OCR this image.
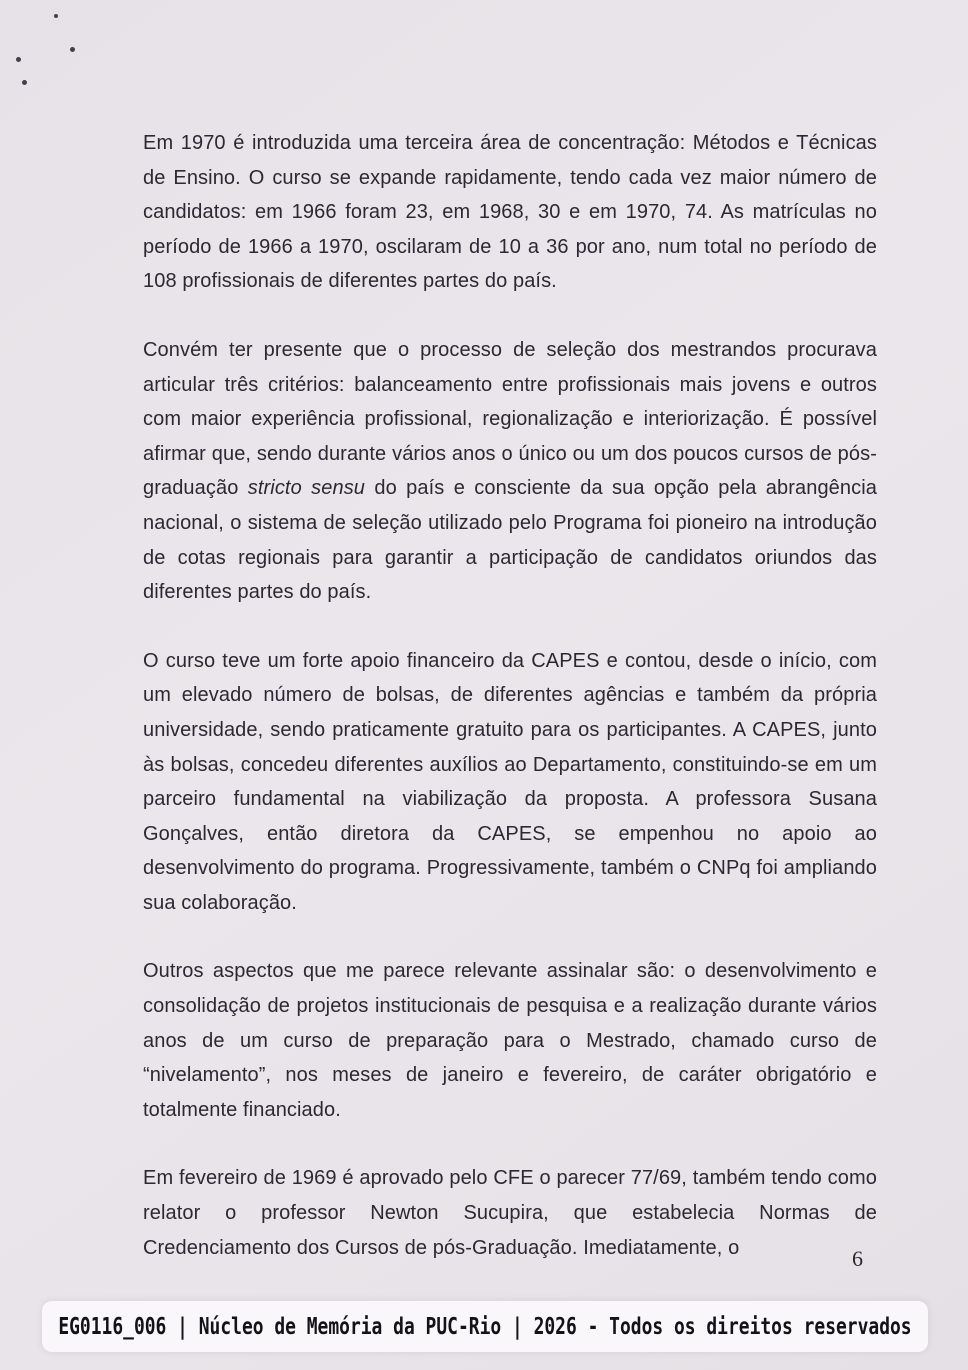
Em 1970 é introduzida uma terceira área de concentração: Métodos e Técnicas de Ensino. O curso se expande rapidamente, tendo cada vez maior número de candidatos: em 1966 foram 23, em 1968, 30 e em 1970, 74. As matrículas no período de 1966 a 1970, oscilaram de 10 a 36 por ano, num total no período de 108 profissionais de diferentes partes do país.

Convém ter presente que o processo de seleção dos mestrandos procurava articular três critérios: balanceamento entre profissionais mais jovens e outros com maior experiência profissional, regionalização e interiorização. É possível afirmar que, sendo durante vários anos o único ou um dos poucos cursos de pós-graduação stricto sensu do país e consciente da sua opção pela abrangência nacional, o sistema de seleção utilizado pelo Programa foi pioneiro na introdução de cotas regionais para garantir a participação de candidatos oriundos das diferentes partes do país.

O curso teve um forte apoio financeiro da CAPES e contou, desde o início, com um elevado número de bolsas, de diferentes agências e também da própria universidade, sendo praticamente gratuito para os participantes. A CAPES, junto às bolsas, concedeu diferentes auxílios ao Departamento, constituindo-se em um parceiro fundamental na viabilização da proposta. A professora Susana Gonçalves, então diretora da CAPES, se empenhou no apoio ao desenvolvimento do programa. Progressivamente, também o CNPq foi ampliando sua colaboração.

Outros aspectos que me parece relevante assinalar são: o desenvolvimento e consolidação de projetos institucionais de pesquisa e a realização durante vários anos de um curso de preparação para o Mestrado, chamado curso de “nivelamento”, nos meses de janeiro e fevereiro, de caráter obrigatório e totalmente financiado.

Em fevereiro de 1969 é aprovado pelo CFE o parecer 77/69, também tendo como relator o professor Newton Sucupira, que estabelecia Normas de Credenciamento dos Cursos de pós-Graduação. Imediatamente, o	6
EG0116_006 | Núcleo de Memória da PUC-Rio | 2026 - Todos os direitos reservados
